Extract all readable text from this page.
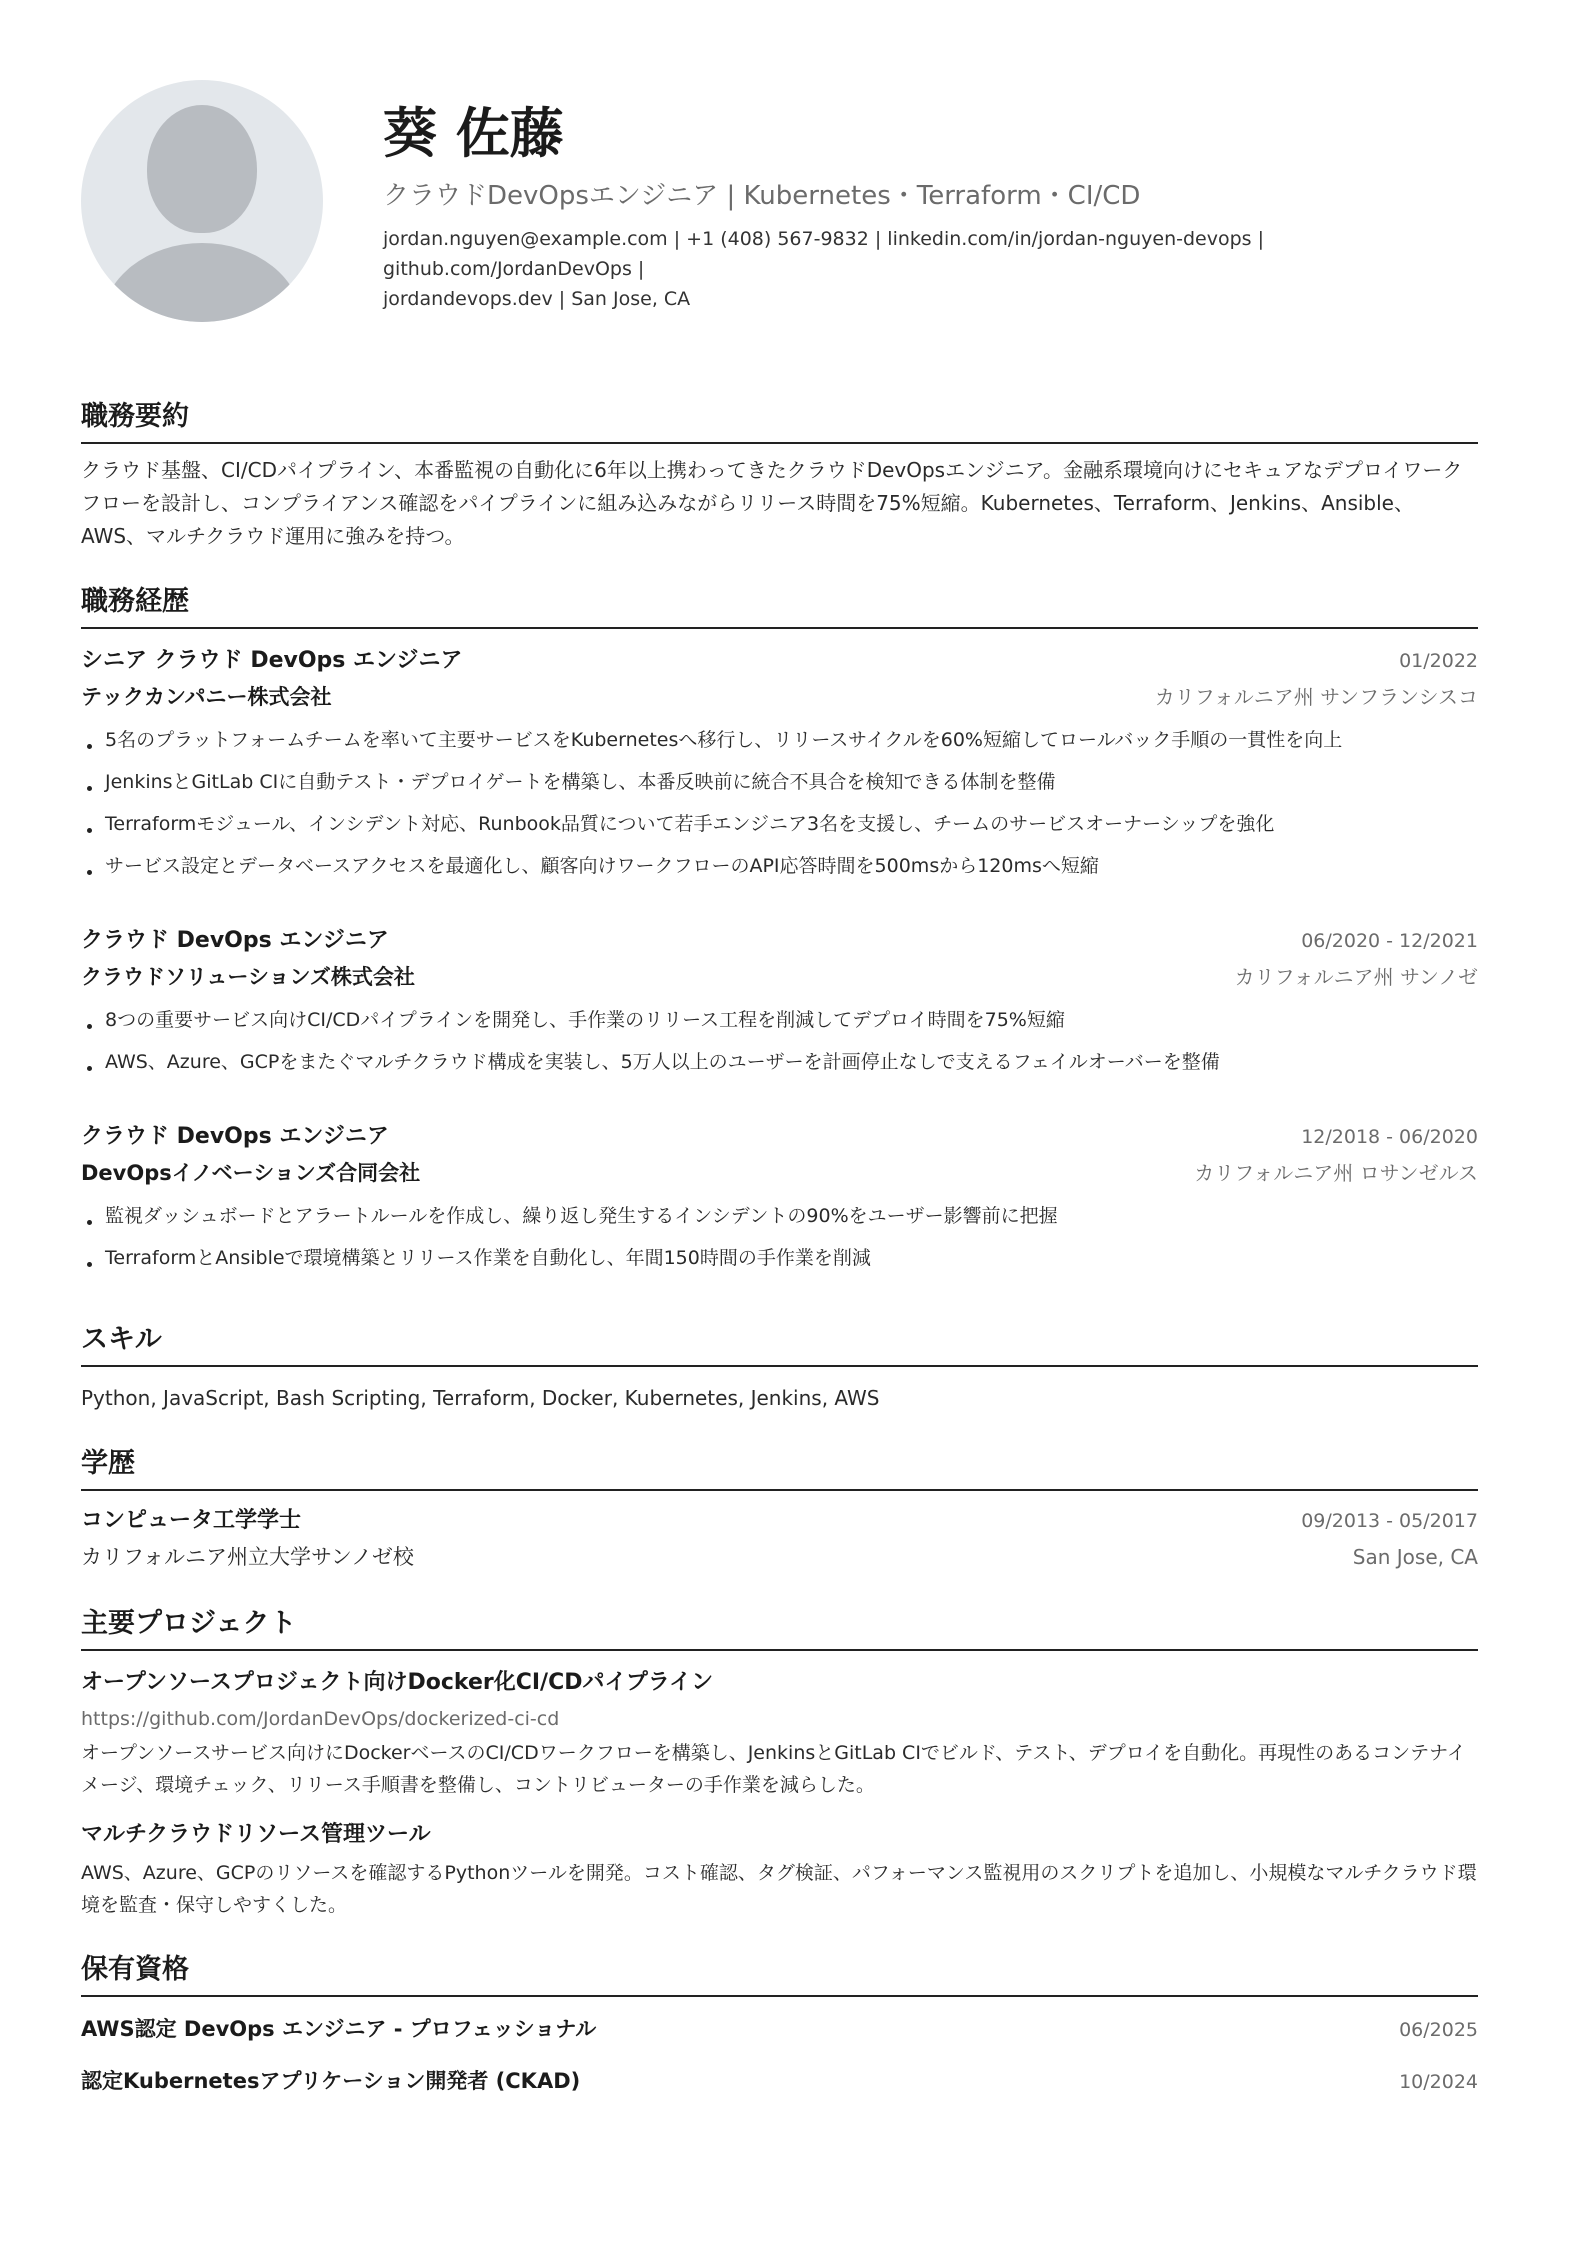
葵 佐藤
クラウドDevOpsエンジニア | Kubernetes・Terraform・CI/CD
jordan.nguyen@example.com | +1 (408) 567-9832 | linkedin.com/in/jordan-nguyen-devops | github.com/JordanDevOps |
jordandevops.dev | San Jose, CA
職務要約
クラウド基盤、CI/CDパイプライン、本番監視の自動化に6年以上携わってきたクラウドDevOpsエンジニア。金融系環境向けにセキュアなデプロイワークフローを設計し、コンプライアンス確認をパイプラインに組み込みながらリリース時間を75%短縮。Kubernetes、Terraform、Jenkins、Ansible、AWS、マルチクラウド運用に強みを持つ。
職務経歴
シニア クラウド DevOps エンジニア	01/2022
テックカンパニー株式会社	カリフォルニア州 サンフランシスコ
5名のプラットフォームチームを率いて主要サービスをKubernetesへ移行し、リリースサイクルを60%短縮してロールバック手順の一貫性を向上
JenkinsとGitLab CIに自動テスト・デプロイゲートを構築し、本番反映前に統合不具合を検知できる体制を整備
Terraformモジュール、インシデント対応、Runbook品質について若手エンジニア3名を支援し、チームのサービスオーナーシップを強化
サービス設定とデータベースアクセスを最適化し、顧客向けワークフローのAPI応答時間を500msから120msへ短縮
クラウド DevOps エンジニア	06/2020 - 12/2021
クラウドソリューションズ株式会社	カリフォルニア州 サンノゼ
8つの重要サービス向けCI/CDパイプラインを開発し、手作業のリリース工程を削減してデプロイ時間を75%短縮
AWS、Azure、GCPをまたぐマルチクラウド構成を実装し、5万人以上のユーザーを計画停止なしで支えるフェイルオーバーを整備
クラウド DevOps エンジニア	12/2018 - 06/2020
DevOpsイノベーションズ合同会社	カリフォルニア州 ロサンゼルス
監視ダッシュボードとアラートルールを作成し、繰り返し発生するインシデントの90%をユーザー影響前に把握
TerraformとAnsibleで環境構築とリリース作業を自動化し、年間150時間の手作業を削減
スキル
Python, JavaScript, Bash Scripting, Terraform, Docker, Kubernetes, Jenkins, AWS
学歴
コンピュータ工学学士	09/2013 - 05/2017
カリフォルニア州立大学サンノゼ校	San Jose, CA
主要プロジェクト
オープンソースプロジェクト向けDocker化CI/CDパイプライン
https://github.com/JordanDevOps/dockerized-ci-cd
オープンソースサービス向けにDockerベースのCI/CDワークフローを構築し、JenkinsとGitLab CIでビルド、テスト、デプロイを自動化。再現性のあるコンテナイメージ、環境チェック、リリース手順書を整備し、コントリビューターの手作業を減らした。
マルチクラウドリソース管理ツール
AWS、Azure、GCPのリソースを確認するPythonツールを開発。コスト確認、タグ検証、パフォーマンス監視用のスクリプトを追加し、小規模なマルチクラウド環境を監査・保守しやすくした。
保有資格
AWS認定 DevOps エンジニア - プロフェッショナル	06/2025
認定Kubernetesアプリケーション開発者 (CKAD)	10/2024
